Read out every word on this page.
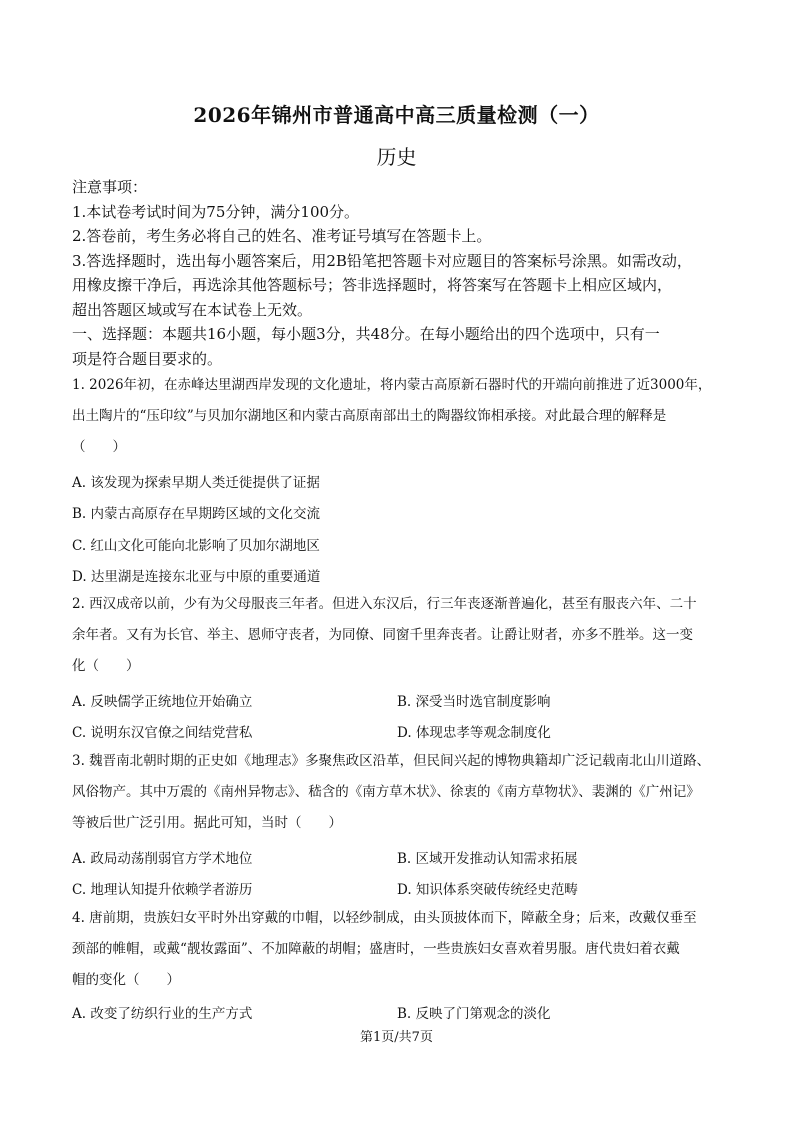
2026年锦州市普通高中高三质量检测（一）
历史
注意事项：
1.本试卷考试时间为75分钟，满分100分。
2.答卷前，考生务必将自己的姓名、准考证号填写在答题卡上。
3.答选择题时，选出每小题答案后，用2B铅笔把答题卡对应题目的答案标号涂黑。如需改动，
用橡皮擦干净后，再选涂其他答题标号；答非选择题时，将答案写在答题卡上相应区域内，
超出答题区域或写在本试卷上无效。
一、选择题：本题共16小题，每小题3分，共48分。在每小题给出的四个选项中，只有一
项是符合题目要求的。
1. 2026年初，在赤峰达里湖西岸发现的文化遗址，将内蒙古高原新石器时代的开端向前推进了近3000年，
出土陶片的“压印纹”与贝加尔湖地区和内蒙古高原南部出土的陶器纹饰相承接。对此最合理的解释是
（　　）
A. 该发现为探索早期人类迁徙提供了证据
B. 内蒙古高原存在早期跨区域的文化交流
C. 红山文化可能向北影响了贝加尔湖地区
D. 达里湖是连接东北亚与中原的重要通道
2. 西汉成帝以前，少有为父母服丧三年者。但进入东汉后，行三年丧逐渐普遍化，甚至有服丧六年、二十
余年者。又有为长官、举主、恩师守丧者，为同僚、同窗千里奔丧者。让爵让财者，亦多不胜举。这一变
化（　　）
A. 反映儒学正统地位开始确立	B. 深受当时选官制度影响
C. 说明东汉官僚之间结党营私	D. 体现忠孝等观念制度化
3. 魏晋南北朝时期的正史如《地理志》多聚焦政区沿革，但民间兴起的博物典籍却广泛记载南北山川道路、
风俗物产。其中万震的《南州异物志》、嵇含的《南方草木状》、徐衷的《南方草物状》、裴渊的《广州记》
等被后世广泛引用。据此可知，当时（　　）
A. 政局动荡削弱官方学术地位	B. 区域开发推动认知需求拓展
C. 地理认知提升依赖学者游历	D. 知识体系突破传统经史范畴
4. 唐前期，贵族妇女平时外出穿戴的巾帽，以轻纱制成，由头顶披体而下，障蔽全身；后来，改戴仅垂至
颈部的帷帽，或戴“靓妆露面”、不加障蔽的胡帽；盛唐时，一些贵族妇女喜欢着男服。唐代贵妇着衣戴
帽的变化（　　）
A. 改变了纺织行业的生产方式	B. 反映了门第观念的淡化
第1页/共7页
